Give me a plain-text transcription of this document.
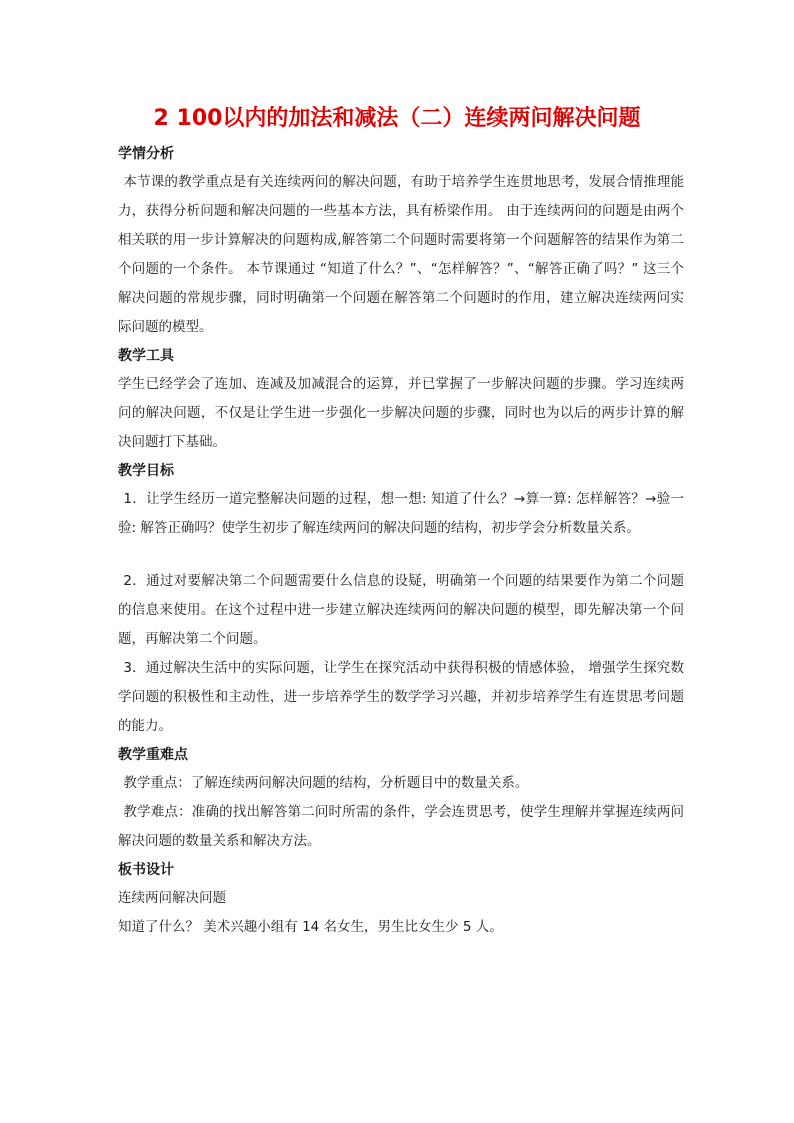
2 100以内的加法和减法（二）连续两问解决问题
学情分析
本节课的教学重点是有关连续两问的解决问题，有助于培养学生连贯地思考，发展合情推理能力，获得分析问题和解决问题的一些基本方法，具有桥梁作用。 由于连续两问的问题是由两个相关联的用一步计算解决的问题构成,解答第二个问题时需要将第一个问题解答的结果作为第二个问题的一个条件。 本节课通过 “知道了什么？”、“怎样解答？”、“解答正确了吗？” 这三个解决问题的常规步骤，同时明确第一个问题在解答第二个问题时的作用，建立解决连续两问实际问题的模型。
教学工具
学生已经学会了连加、连减及加减混合的运算，并已掌握了一步解决问题的步骤。学习连续两问的解决问题，不仅是让学生进一步强化一步解决问题的步骤，同时也为以后的两步计算的解决问题打下基础。
教学目标
1．让学生经历一道完整解决问题的过程，想一想: 知道了什么？→算一算: 怎样解答？→验一验: 解答正确吗？使学生初步了解连续两问的解决问题的结构，初步学会分析数量关系。
2．通过对要解决第二个问题需要什么信息的设疑，明确第一个问题的结果要作为第二个问题的信息来使用。在这个过程中进一步建立解决连续两问的解决问题的模型，即先解决第一个问题，再解决第二个问题。
3．通过解决生活中的实际问题，让学生在探究活动中获得积极的情感体验， 增强学生探究数学问题的积极性和主动性，进一步培养学生的数学学习兴趣，并初步培养学生有连贯思考问题的能力。
教学重难点
教学重点：了解连续两问解决问题的结构，分析题目中的数量关系。
教学难点：准确的找出解答第二问时所需的条件，学会连贯思考，使学生理解并掌握连续两问解决问题的数量关系和解决方法。
板书设计
连续两问解决问题
知道了什么？ 美术兴趣小组有 14 名女生，男生比女生少 5 人。
